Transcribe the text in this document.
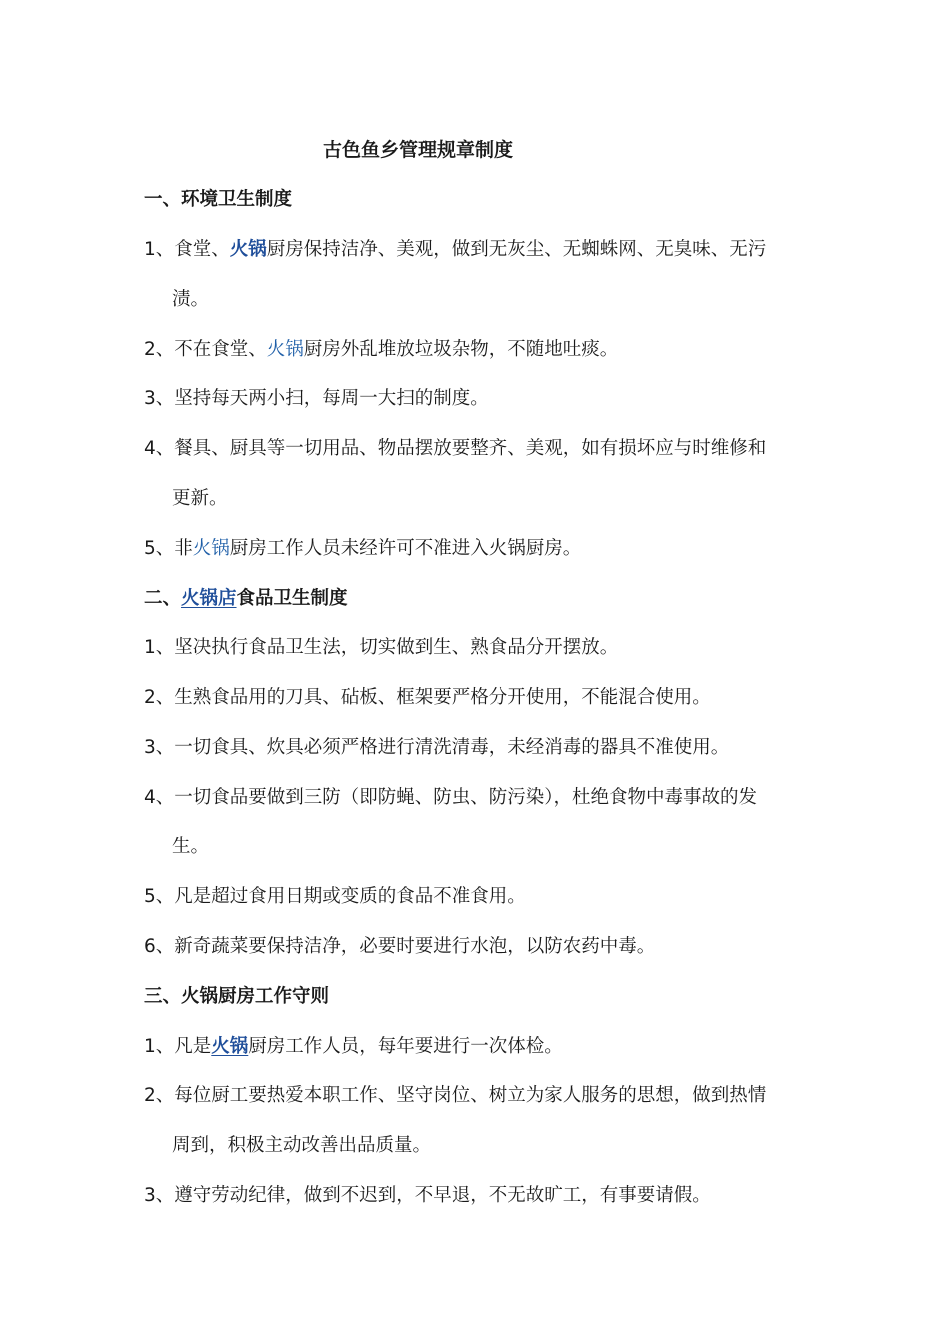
古色鱼乡管理规章制度
一、环境卫生制度
1、食堂、火锅厨房保持洁净、美观，做到无灰尘、无蜘蛛网、无臭味、无污
渍。
2、不在食堂、火锅厨房外乱堆放垃圾杂物，不随地吐痰。
3、坚持每天两小扫，每周一大扫的制度。
4、餐具、厨具等一切用品、物品摆放要整齐、美观，如有损坏应与时维修和
更新。
5、非火锅厨房工作人员未经许可不准进入火锅厨房。
二、火锅店食品卫生制度
1、坚决执行食品卫生法，切实做到生、熟食品分开摆放。
2、生熟食品用的刀具、砧板、框架要严格分开使用，不能混合使用。
3、一切食具、炊具必须严格进行清洗清毒，未经消毒的器具不准使用。
4、一切食品要做到三防（即防蝇、防虫、防污染），杜绝食物中毒事故的发
生。
5、凡是超过食用日期或变质的食品不准食用。
6、新奇蔬菜要保持洁净，必要时要进行水泡，以防农药中毒。
三、火锅厨房工作守则
1、凡是火锅厨房工作人员，每年要进行一次体检。
2、每位厨工要热爱本职工作、坚守岗位、树立为家人服务的思想，做到热情
周到，积极主动改善出品质量。
3、遵守劳动纪律，做到不迟到，不早退，不无故旷工，有事要请假。
